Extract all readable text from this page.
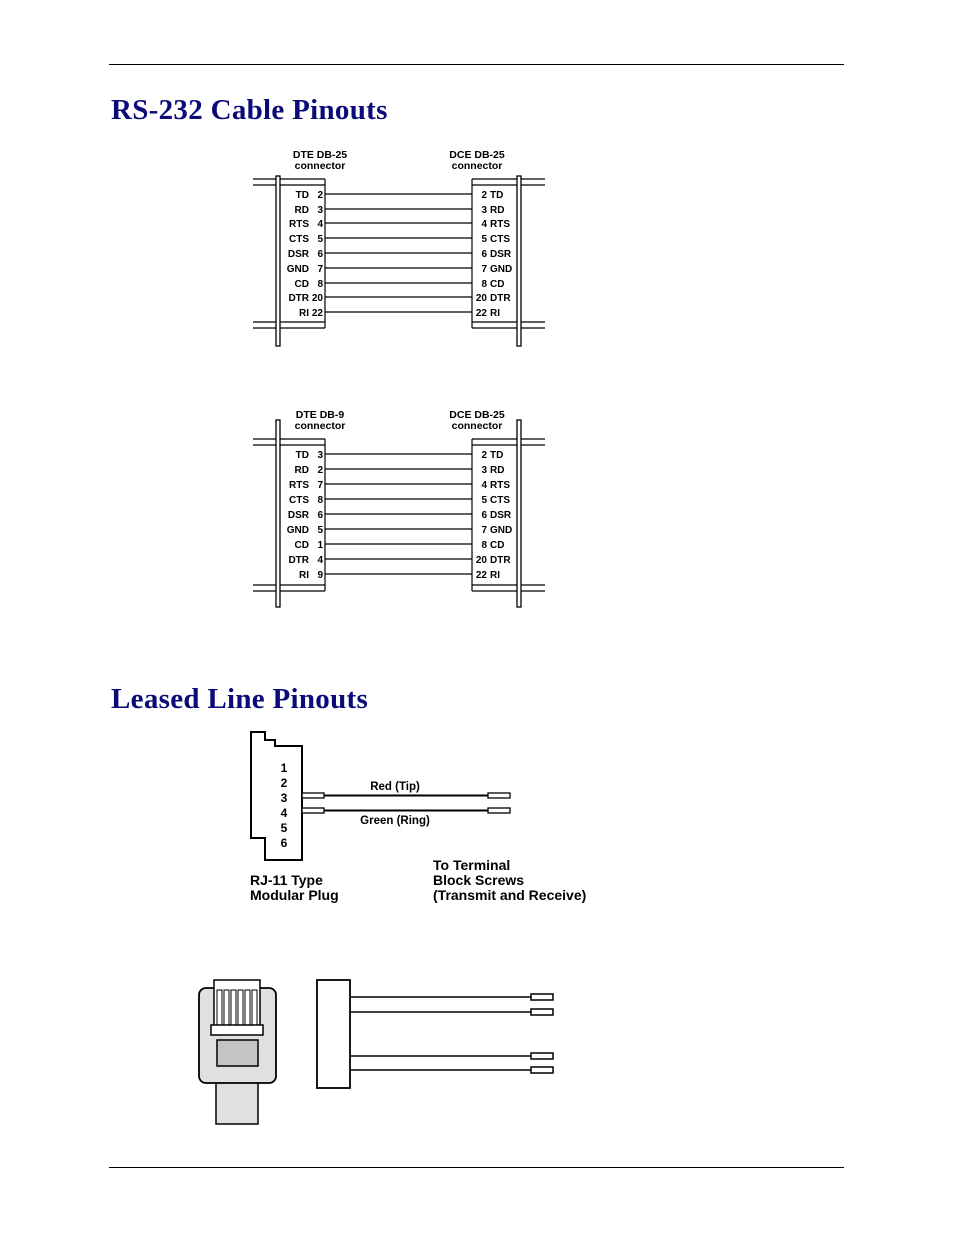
RS-232 Cable Pinouts
Leased Line Pinouts
DTE DB-25
connector
DCE DB-25
connector
TD 2	2 TD
RD 3	3 RD
RTS 4	4 RTS
CTS 5	5 CTS
DSR 6	6 DSR
GND 7	7 GND
CD 8	8 CD
DTR 20	20 DTR
RI 22	22 RI
DTE DB-9
connector
DCE DB-25
connector
TD 3	2 TD
RD 2	3 RD
RTS 7	4 RTS
CTS 8	5 CTS
DSR 6	6 DSR
GND 5	7 GND
CD 1	8 CD
DTR 4	20 DTR
RI 9	22 RI
1
2
3
4
5
6
Red (Tip)
Green (Ring)
RJ-11 Type
Modular Plug
To Terminal
Block Screws
(Transmit and Receive)
